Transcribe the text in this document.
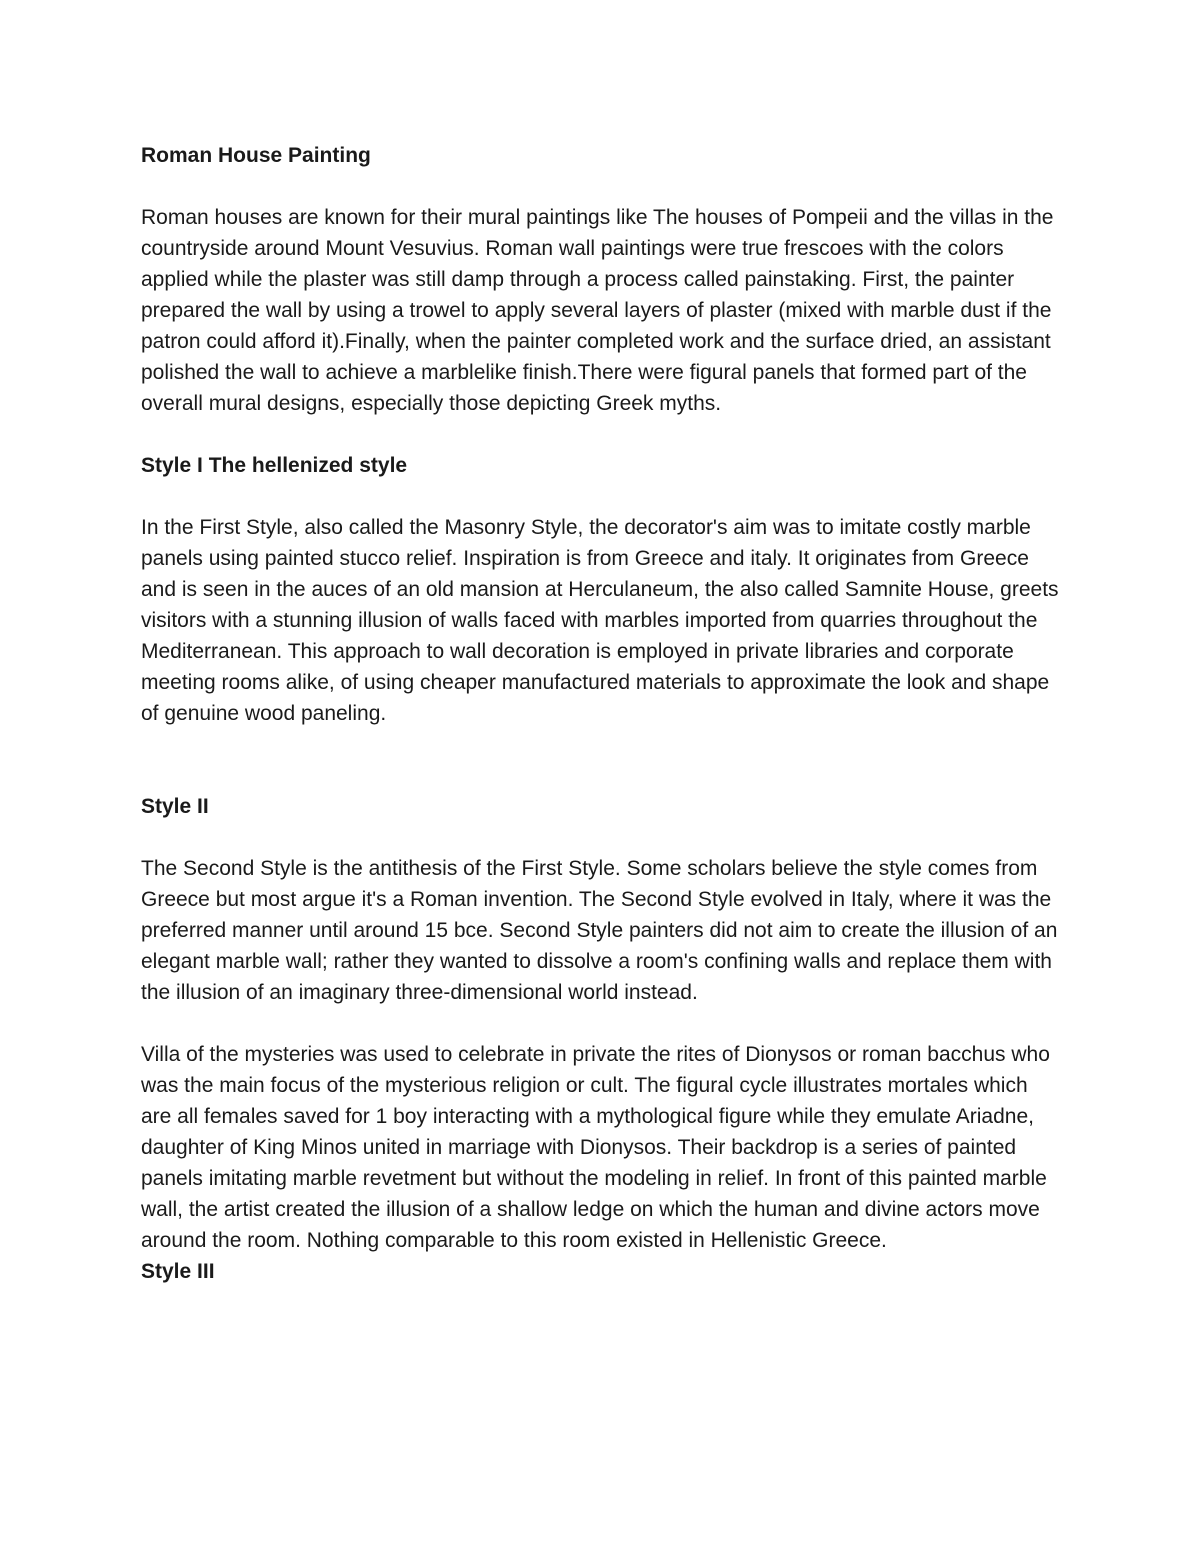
Roman House Painting

Roman houses are known for their mural paintings like The houses of Pompeii and the villas in the countryside around Mount Vesuvius. Roman wall paintings were true frescoes with the colors applied while the plaster was still damp through a process called painstaking. First, the painter prepared the wall by using a trowel to apply several layers of plaster (mixed with marble dust if the patron could afford it).Finally, when the painter completed work and the surface dried, an assistant polished the wall to achieve a marblelike finish.There were figural panels that formed part of the overall mural designs, especially those depicting Greek myths.

Style I The hellenized style

In the First Style, also called the Masonry Style, the decorator's aim was to imitate costly marble panels using painted stucco relief. Inspiration is from Greece and italy. It originates from Greece and is seen in the auces of an old mansion at Herculaneum, the also called Samnite House, greets visitors with a stunning illusion of walls faced with marbles imported from quarries throughout the Mediterranean. This approach to wall decoration is employed in private libraries and corporate meeting rooms alike, of using cheaper manufactured materials to approximate the look and shape of genuine wood paneling.

Style II

The Second Style is the antithesis of the First Style. Some scholars believe the style comes from Greece but most argue it's a Roman invention. The Second Style evolved in Italy, where it was the preferred manner until around 15 bce. Second Style painters did not aim to create the illusion of an elegant marble wall; rather they wanted to dissolve a room's confining walls and replace them with the illusion of an imaginary three-dimensional world instead.

Villa of the mysteries was used to celebrate in private the rites of Dionysos or roman bacchus who was the main focus of the mysterious religion or cult. The figural cycle illustrates mortales which are all females saved for 1 boy interacting with a mythological figure while they emulate Ariadne, daughter of King Minos united in marriage with Dionysos. Their backdrop is a series of painted panels imitating marble revetment but without the modeling in relief. In front of this painted marble wall, the artist created the illusion of a shallow ledge on which the human and divine actors move around the room. Nothing comparable to this room existed in Hellenistic Greece.

Style III
